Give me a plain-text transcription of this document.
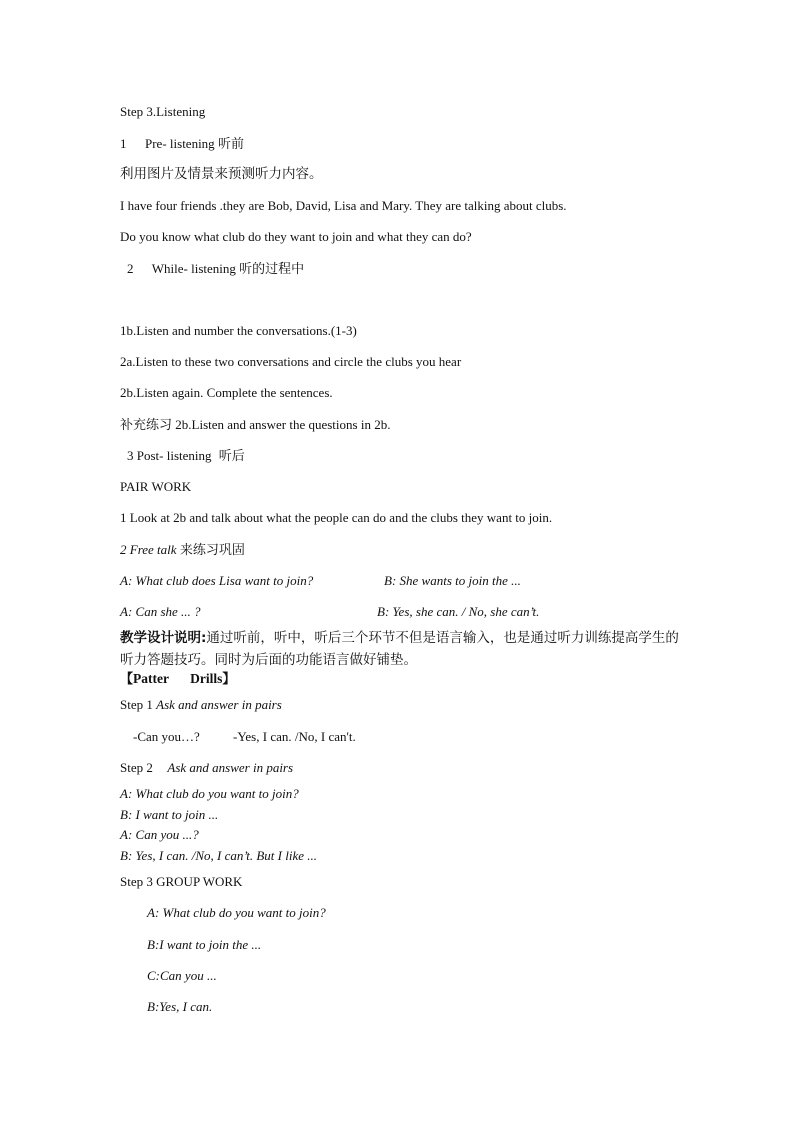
Step 3.Listening
1 Pre- listening 听前
利用图片及情景来预测听力内容。
I have four friends .they are Bob, David, Lisa and Mary. They are talking about clubs.
Do you know what club do they want to join and what they can do?
2 While- listening 听的过程中
1b.Listen and number the conversations.(1-3)
2a.Listen to these two conversations and circle the clubs you hear
2b.Listen again. Complete the sentences.
补充练习 2b.Listen and answer the questions in 2b.
3 Post- listening 听后
PAIR WORK
1 Look at 2b and talk about what the people can do and the clubs they want to join.
2 Free talk 来练习巩固
A: What club does Lisa want to join?	B: She wants to join the ...
A: Can she ... ?	B: Yes, she can. / No, she can’t.
教学设计说明:通过听前，听中，听后三个环节不但是语言输入，也是通过听力训练提高学生的听力答题技巧。同时为后面的功能语言做好铺垫。
【Patter Drills】
Step 1 Ask and answer in pairs
-Can you…?	-Yes, I can. /No, I can't.
Step 2 Ask and answer in pairs
A: What club do you want to join?
B: I want to join ...
A: Can you ...?
B: Yes, I can. /No, I can’t. But I like ...
Step 3 GROUP WORK
A: What club do you want to join?
B:I want to join the ...
C:Can you ...
B:Yes, I can.
